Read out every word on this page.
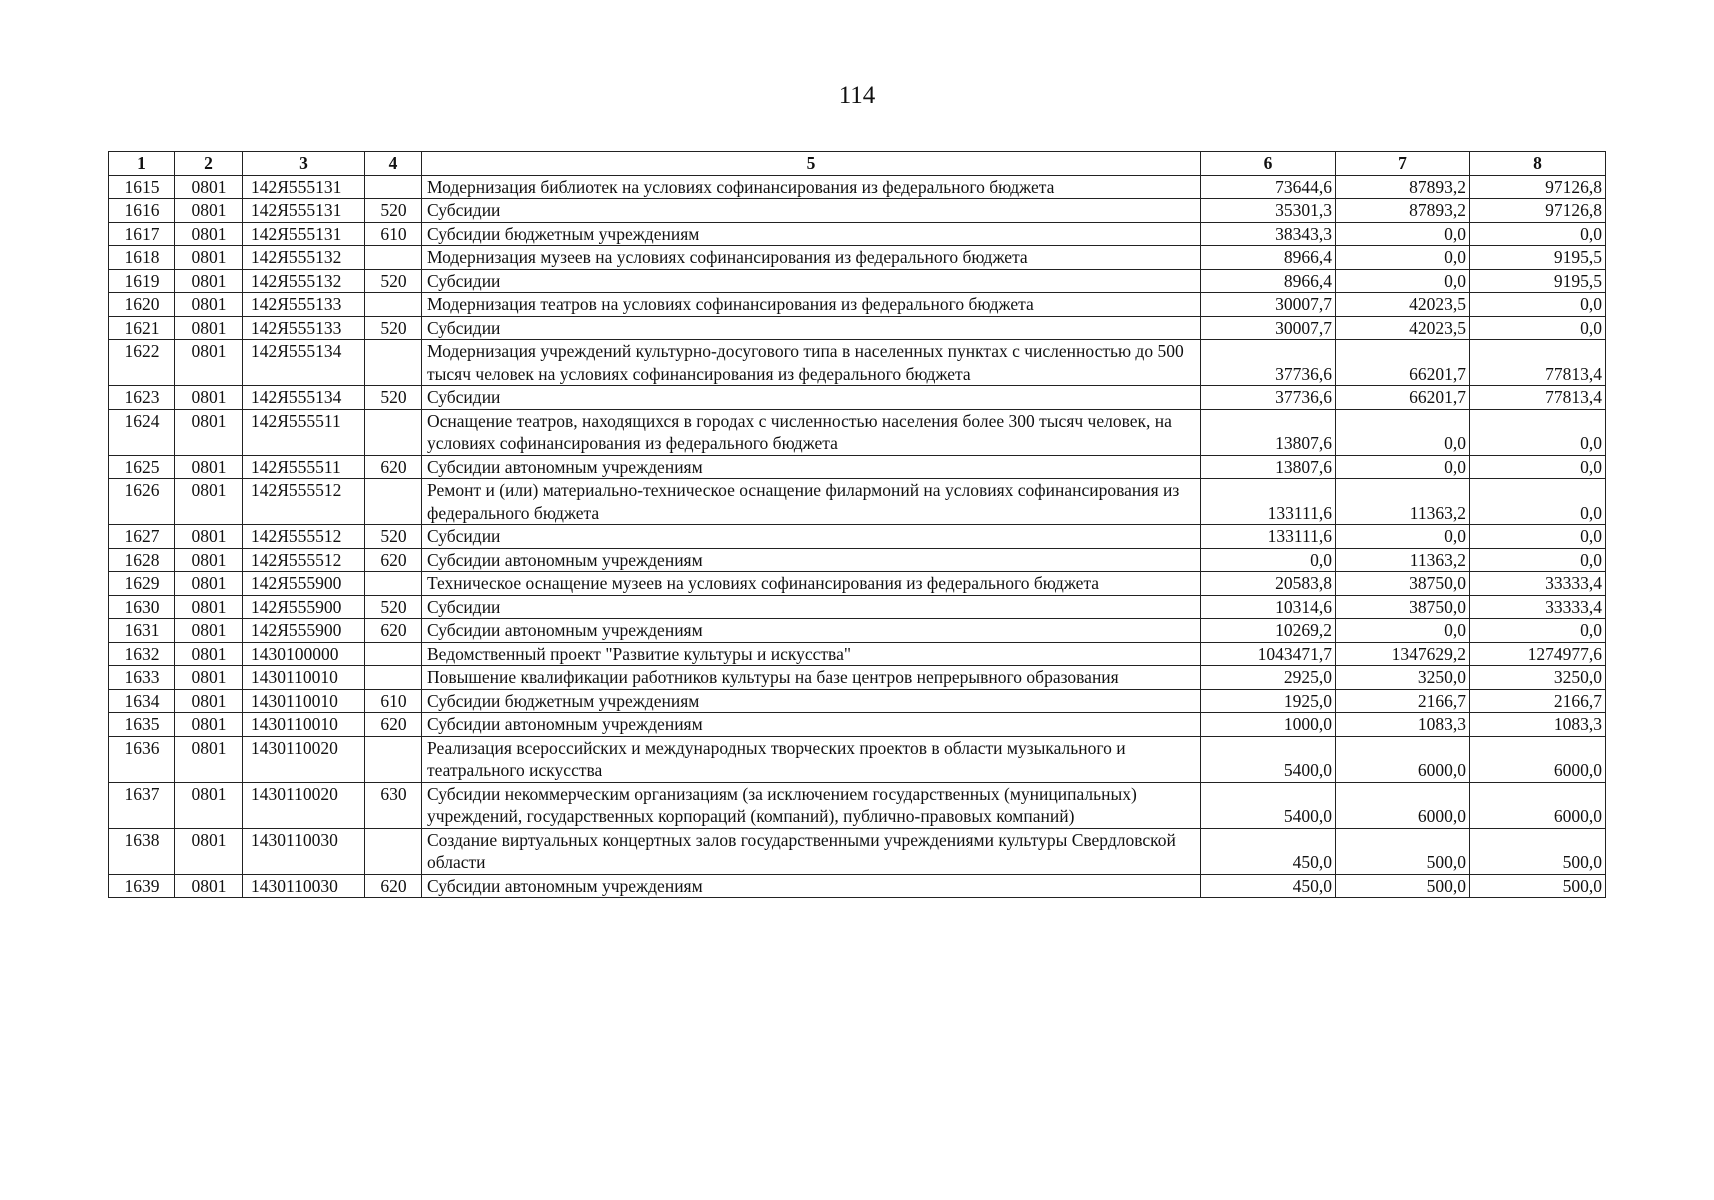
114
1	2	3	4	5	6	7	8
1615	0801	142Я555131		Модернизация библиотек на условиях софинансирования из федерального бюджета	73644,6	87893,2	97126,8
1616	0801	142Я555131	520	Субсидии	35301,3	87893,2	97126,8
1617	0801	142Я555131	610	Субсидии бюджетным учреждениям	38343,3	0,0	0,0
1618	0801	142Я555132		Модернизация музеев на условиях софинансирования из федерального бюджета	8966,4	0,0	9195,5
1619	0801	142Я555132	520	Субсидии	8966,4	0,0	9195,5
1620	0801	142Я555133		Модернизация театров на условиях софинансирования из федерального бюджета	30007,7	42023,5	0,0
1621	0801	142Я555133	520	Субсидии	30007,7	42023,5	0,0
1622	0801	142Я555134		Модернизация учреждений культурно-досугового типа в населенных пунктах с численностью до 500 тысяч человек на условиях софинансирования из федерального бюджета	37736,6	66201,7	77813,4
1623	0801	142Я555134	520	Субсидии	37736,6	66201,7	77813,4
1624	0801	142Я555511		Оснащение театров, находящихся в городах с численностью населения более 300 тысяч человек, на условиях софинансирования из федерального бюджета	13807,6	0,0	0,0
1625	0801	142Я555511	620	Субсидии автономным учреждениям	13807,6	0,0	0,0
1626	0801	142Я555512		Ремонт и (или) материально-техническое оснащение филармоний на условиях софинансирования из федерального бюджета	133111,6	11363,2	0,0
1627	0801	142Я555512	520	Субсидии	133111,6	0,0	0,0
1628	0801	142Я555512	620	Субсидии автономным учреждениям	0,0	11363,2	0,0
1629	0801	142Я555900		Техническое оснащение музеев на условиях софинансирования из федерального бюджета	20583,8	38750,0	33333,4
1630	0801	142Я555900	520	Субсидии	10314,6	38750,0	33333,4
1631	0801	142Я555900	620	Субсидии автономным учреждениям	10269,2	0,0	0,0
1632	0801	1430100000		Ведомственный проект "Развитие культуры и искусства"	1043471,7	1347629,2	1274977,6
1633	0801	1430110010		Повышение квалификации работников культуры на базе центров непрерывного образования	2925,0	3250,0	3250,0
1634	0801	1430110010	610	Субсидии бюджетным учреждениям	1925,0	2166,7	2166,7
1635	0801	1430110010	620	Субсидии автономным учреждениям	1000,0	1083,3	1083,3
1636	0801	1430110020		Реализация всероссийских и международных творческих проектов в области музыкального и театрального искусства	5400,0	6000,0	6000,0
1637	0801	1430110020	630	Субсидии некоммерческим организациям (за исключением государственных (муниципальных) учреждений, государственных корпораций (компаний), публично-правовых компаний)	5400,0	6000,0	6000,0
1638	0801	1430110030		Создание виртуальных концертных залов государственными учреждениями культуры Свердловской области	450,0	500,0	500,0
1639	0801	1430110030	620	Субсидии автономным учреждениям	450,0	500,0	500,0
